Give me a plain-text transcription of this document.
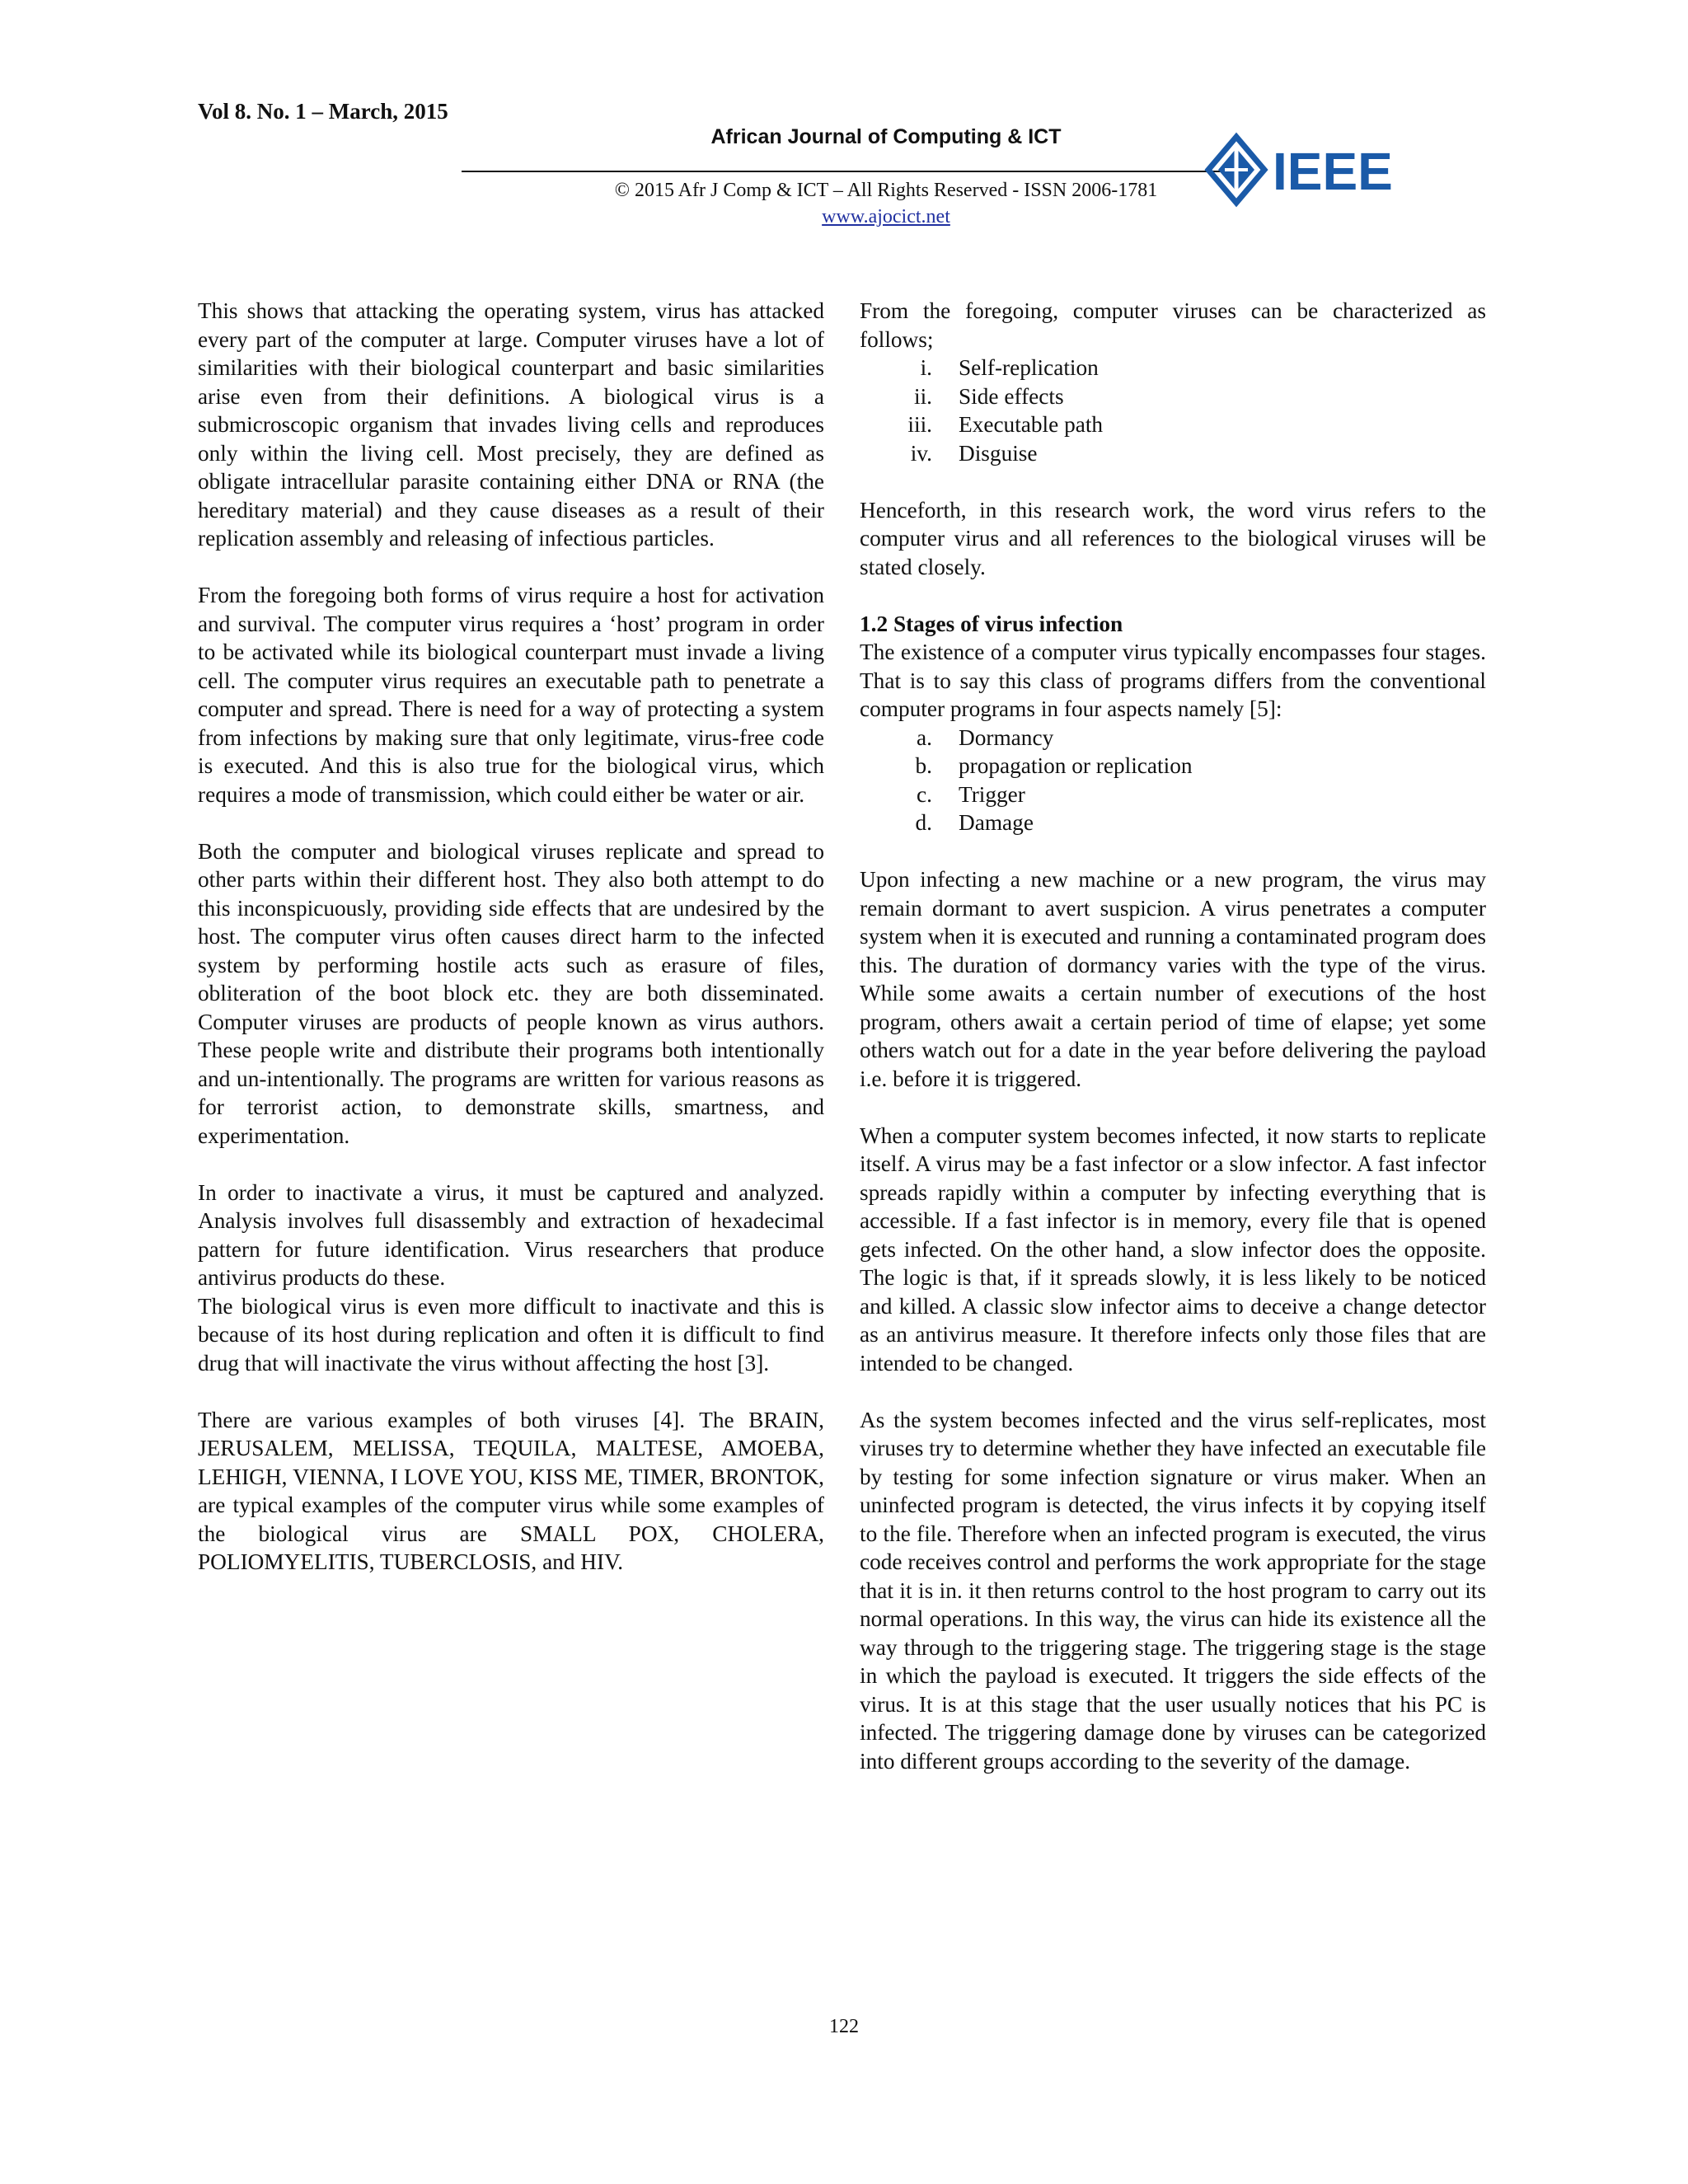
Vol 8. No. 1 – March, 2015
African Journal of Computing & ICT
© 2015 Afr J Comp & ICT – All Rights Reserved - ISSN 2006-1781
www.ajocict.net
IEEE

This shows that attacking the operating system, virus has attacked every part of the computer at large. Computer viruses have a lot of similarities with their biological counterpart and basic similarities arise even from their definitions. A biological virus is a submicroscopic organism that invades living cells and reproduces only within the living cell. Most precisely, they are defined as obligate intracellular parasite containing either DNA or RNA (the hereditary material) and they cause diseases as a result of their replication assembly and releasing of infectious particles.

From the foregoing both forms of virus require a host for activation and survival. The computer virus requires a ‘host’ program in order to be activated while its biological counterpart must invade a living cell. The computer virus requires an executable path to penetrate a computer and spread. There is need for a way of protecting a system from infections by making sure that only legitimate, virus-free code is executed. And this is also true for the biological virus, which requires a mode of transmission, which could either be water or air.

Both the computer and biological viruses replicate and spread to other parts within their different host. They also both attempt to do this inconspicuously, providing side effects that are undesired by the host. The computer virus often causes direct harm to the infected system by performing hostile acts such as erasure of files, obliteration of the boot block etc. they are both disseminated. Computer viruses are products of people known as virus authors. These people write and distribute their programs both intentionally and un-intentionally. The programs are written for various reasons as for terrorist action, to demonstrate skills, smartness, and experimentation.

In order to inactivate a virus, it must be captured and analyzed. Analysis involves full disassembly and extraction of hexadecimal pattern for future identification. Virus researchers that produce antivirus products do these.

The biological virus is even more difficult to inactivate and this is because of its host during replication and often it is difficult to find drug that will inactivate the virus without affecting the host [3].

There are various examples of both viruses [4]. The BRAIN, JERUSALEM, MELISSA, TEQUILA, MALTESE, AMOEBA, LEHIGH, VIENNA, I LOVE YOU, KISS ME, TIMER, BRONTOK, are typical examples of the computer virus while some examples of the biological virus are SMALL POX, CHOLERA, POLIOMYELITIS, TUBERCLOSIS, and HIV.

From the foregoing, computer viruses can be characterized as follows;

i.	Self-replication
ii.	Side effects
iii.	Executable path
iv.	Disguise

Henceforth, in this research work, the word virus refers to the computer virus and all references to the biological viruses will be stated closely.

1.2 Stages of virus infection

The existence of a computer virus typically encompasses four stages. That is to say this class of programs differs from the conventional computer programs in four aspects namely [5]:

a.	Dormancy
b.	propagation or replication
c.	Trigger
d.	Damage

Upon infecting a new machine or a new program, the virus may remain dormant to avert suspicion. A virus penetrates a computer system when it is executed and running a contaminated program does this. The duration of dormancy varies with the type of the virus. While some awaits a certain number of executions of the host program, others await a certain period of time of elapse; yet some others watch out for a date in the year before delivering the payload i.e. before it is triggered.

When a computer system becomes infected, it now starts to replicate itself. A virus may be a fast infector or a slow infector. A fast infector spreads rapidly within a computer by infecting everything that is accessible. If a fast infector is in memory, every file that is opened gets infected. On the other hand, a slow infector does the opposite. The logic is that, if it spreads slowly, it is less likely to be noticed and killed. A classic slow infector aims to deceive a change detector as an antivirus measure. It therefore infects only those files that are intended to be changed.

As the system becomes infected and the virus self-replicates, most viruses try to determine whether they have infected an executable file by testing for some infection signature or virus maker. When an uninfected program is detected, the virus infects it by copying itself to the file. Therefore when an infected program is executed, the virus code receives control and performs the work appropriate for the stage that it is in. it then returns control to the host program to carry out its normal operations. In this way, the virus can hide its existence all the way through to the triggering stage. The triggering stage is the stage in which the payload is executed. It triggers the side effects of the virus. It is at this stage that the user usually notices that his PC is infected. The triggering damage done by viruses can be categorized into different groups according to the severity of the damage.

122
